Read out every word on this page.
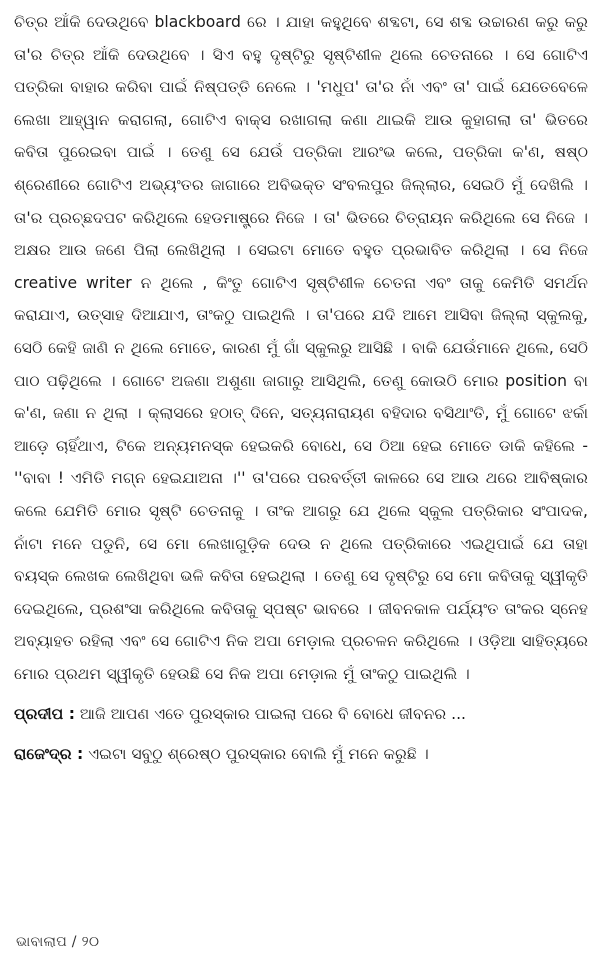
ଚିତ୍ର ଆଁକି ଦେଉଥିବେ blackboard ରେ । ଯାହା କହୁଥିବେ ଶବ୍ଦଟା, ସେ ଶବ୍ଦ ଉଚ୍ଚାରଣ କରୁ କରୁ ତା'ର ଚିତ୍ର ଆଁକି ଦେଉଥିବେ । ସିଏ ବହୁ ଦୃଷ୍ଟିରୁ ସୃଷ୍ଟିଶୀଳ ଥିଲେ ଚେତନାରେ । ସେ ଗୋଟିଏ ପତ୍ରିକା ବାହାର କରିବା ପାଇଁ ନିଷ୍ପତ୍ତି ନେଲେ । 'ମଧୁପ' ତା'ର ନାଁ ଏବଂ ତା' ପାଇଁ ଯେତେବେଳେ ଲେଖା ଆହ୍ୱାନ କରାଗଲା, ଗୋଟିଏ ବାକ୍ସ ରଖାଗଲା କଣା ଥାଇକି ଆଉ କୁହାଗଲା ତା' ଭିତରେ କବିତା ପୁରେଇବା ପାଇଁ । ତେଣୁ ସେ ଯେଉଁ ପତ୍ରିକା ଆରଂଭ କଲେ, ପତ୍ରିକା କ'ଣ, ଷଷ୍ଠ ଶ୍ରେଣୀରେ ଗୋଟିଏ ଅଭ୍ୟଂତର ଜାଗାରେ ଅବିଭକ୍ତ ସଂବଲପୁର ଜିଲ୍ଲାର, ସେଇଠି ମୁଁ ଦେଖିଲି । ତା'ର ପ୍ରଚ୍ଛଦପଟ କରିଥିଲେ ହେଡମାଷ୍ଟ୍ରେ ନିଜେ । ତା' ଭିତରେ ଚିତ୍ରାୟନ କରିଥିଲେ ସେ ନିଜେ । ଅକ୍ଷର ଆଉ ଜଣେ ପିଲା ଲେଖିଥିଲା । ସେଇଟା ମୋତେ ବହୁତ ପ୍ରଭାବିତ କରିଥିଲା । ସେ ନିଜେ creative writer ନ ଥିଲେ , କିଂତୁ ଗୋଟିଏ ସୃଷ୍ଟିଶୀଳ ଚେତନା ଏବଂ ତାକୁ କେମିତି ସମର୍ଥନ କରାଯାଏ, ଉତ୍ସାହ ଦିଆଯାଏ, ତାଂକଠୁ ପାଇଥିଲି । ତା'ପରେ ଯଦି ଆମେ ଆସିବା ଜିଲ୍ଲା ସ୍କୁଲକୁ, ସେଠି କେହି ଜାଣି ନ ଥିଲେ ମୋତେ, କାରଣ ମୁଁ ଗାଁ ସ୍କୁଲରୁ ଆସିଛି । ବାକି ଯେଉଁମାନେ ଥିଲେ, ସେଠି ପାଠ ପଢ଼ିଥିଲେ । ଗୋଟେ ଅଜଣା ଅଶୁଣା ଜାଗାରୁ ଆସିଥିଲି, ତେଣୁ କୋଉଠି ମୋର position ବା କ'ଣ, ଜଣା ନ ଥିଲା । କ୍ଲାସରେ ହଠାତ୍ ଦିନେ, ସତ୍ୟନାରାୟଣ ବହିଦାର ବସିଥାଂତି, ମୁଁ ଗୋଟେ ଝର୍କା ଆଡ଼େ ଚାହିଁଥାଏ, ଟିକେ ଅନ୍ୟମନସ୍କ ହେଇକରି ବୋଧେ, ସେ ଠିଆ ହେଇ ମୋତେ ଡାକି କହିଲେ - ''ବାବା ! ଏମିତି ମଗ୍ନ ହେଇଯାଅନା ।'' ତା'ପରେ ପରବର୍ତ୍ତୀ କାଳରେ ସେ ଆଉ ଥରେ ଆବିଷ୍କାର କଲେ ଯେମିତି ମୋର ସୃଷ୍ଟି ଚେତନାକୁ । ତାଂକ ଆଗରୁ ଯେ ଥିଲେ ସ୍କୁଲ ପତ୍ରିକାର ସଂପାଦକ, ନାଁଟା ମନେ ପଡୁନି, ସେ ମୋ ଲେଖାଗୁଡ଼ିକ ଦେଉ ନ ଥିଲେ ପତ୍ରିକାରେ ଏଇଥିପାଇଁ ଯେ ତାହା ବୟସ୍କ ଲେଖକ ଲେଖିଥିବା ଭଳି କବିତା ହେଇଥିଲା । ତେଣୁ ସେ ଦୃଷ୍ଟିରୁ ସେ ମୋ କବିତାକୁ ସ୍ୱୀକୃତି ଦେଇଥିଲେ, ପ୍ରଶଂସା କରିଥିଲେ କବିତାକୁ ସ୍ପଷ୍ଟ ଭାବରେ । ଜୀବନକାଳ ପର୍ଯ୍ୟଂତ ତାଂକର ସ୍ନେହ ଅବ୍ୟାହତ ରହିଲା ଏବଂ ସେ ଗୋଟିଏ ନିକ ଅପା ମେଡ଼ାଲ ପ୍ରଚଳନ କରିଥିଲେ । ଓଡ଼ିଆ ସାହିତ୍ୟରେ ମୋର ପ୍ରଥମ ସ୍ୱୀକୃତି ହେଉଛି ସେ ନିକ ଅପା ମେଡ଼ାଲ ମୁଁ ତାଂକଠୁ ପାଇଥିଲି ।

ପ୍ରଦୀପ : ଆଜି ଆପଣ ଏତେ ପୁରସ୍କାର ପାଇଲା ପରେ ବି ବୋଧେ ଜୀବନର ...

ରାଜେଂଦ୍ର : ଏଇଟା ସବୁଠୁ ଶ୍ରେଷ୍ଠ ପୁରସ୍କାର ବୋଲି ମୁଁ ମନେ କରୁଛି ।

ଭାବାଲାପ / ୨୦
